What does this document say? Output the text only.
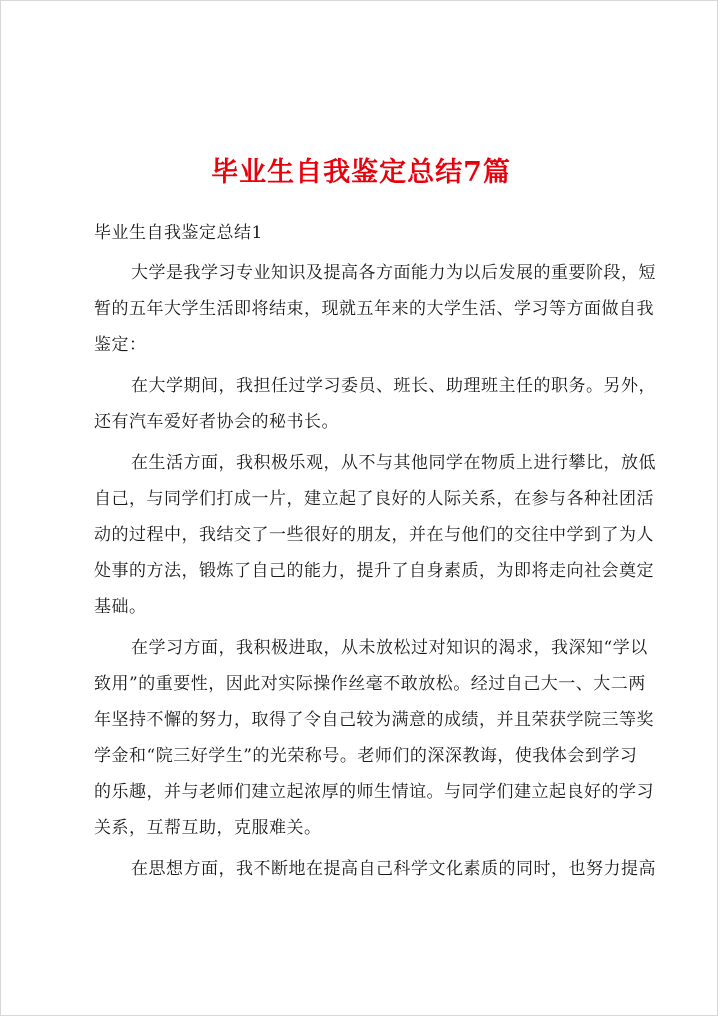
毕业生自我鉴定总结7篇
毕业生自我鉴定总结1
大学是我学习专业知识及提高各方面能力为以后发展的重要阶段，短
暂的五年大学生活即将结束，现就五年来的大学生活、学习等方面做自我
鉴定：
在大学期间，我担任过学习委员、班长、助理班主任的职务。另外，
还有汽车爱好者协会的秘书长。
在生活方面，我积极乐观，从不与其他同学在物质上进行攀比，放低
自己，与同学们打成一片，建立起了良好的人际关系，在参与各种社团活
动的过程中，我结交了一些很好的朋友，并在与他们的交往中学到了为人
处事的方法，锻炼了自己的能力，提升了自身素质，为即将走向社会奠定
基础。
在学习方面，我积极进取，从未放松过对知识的渴求，我深知“学以
致用”的重要性，因此对实际操作丝毫不敢放松。经过自己大一、大二两
年坚持不懈的努力，取得了令自己较为满意的成绩，并且荣获学院三等奖
学金和“院三好学生”的光荣称号。老师们的深深教诲，使我体会到学习
的乐趣，并与老师们建立起浓厚的师生情谊。与同学们建立起良好的学习
关系，互帮互助，克服难关。
在思想方面，我不断地在提高自己科学文化素质的同时，也努力提高
